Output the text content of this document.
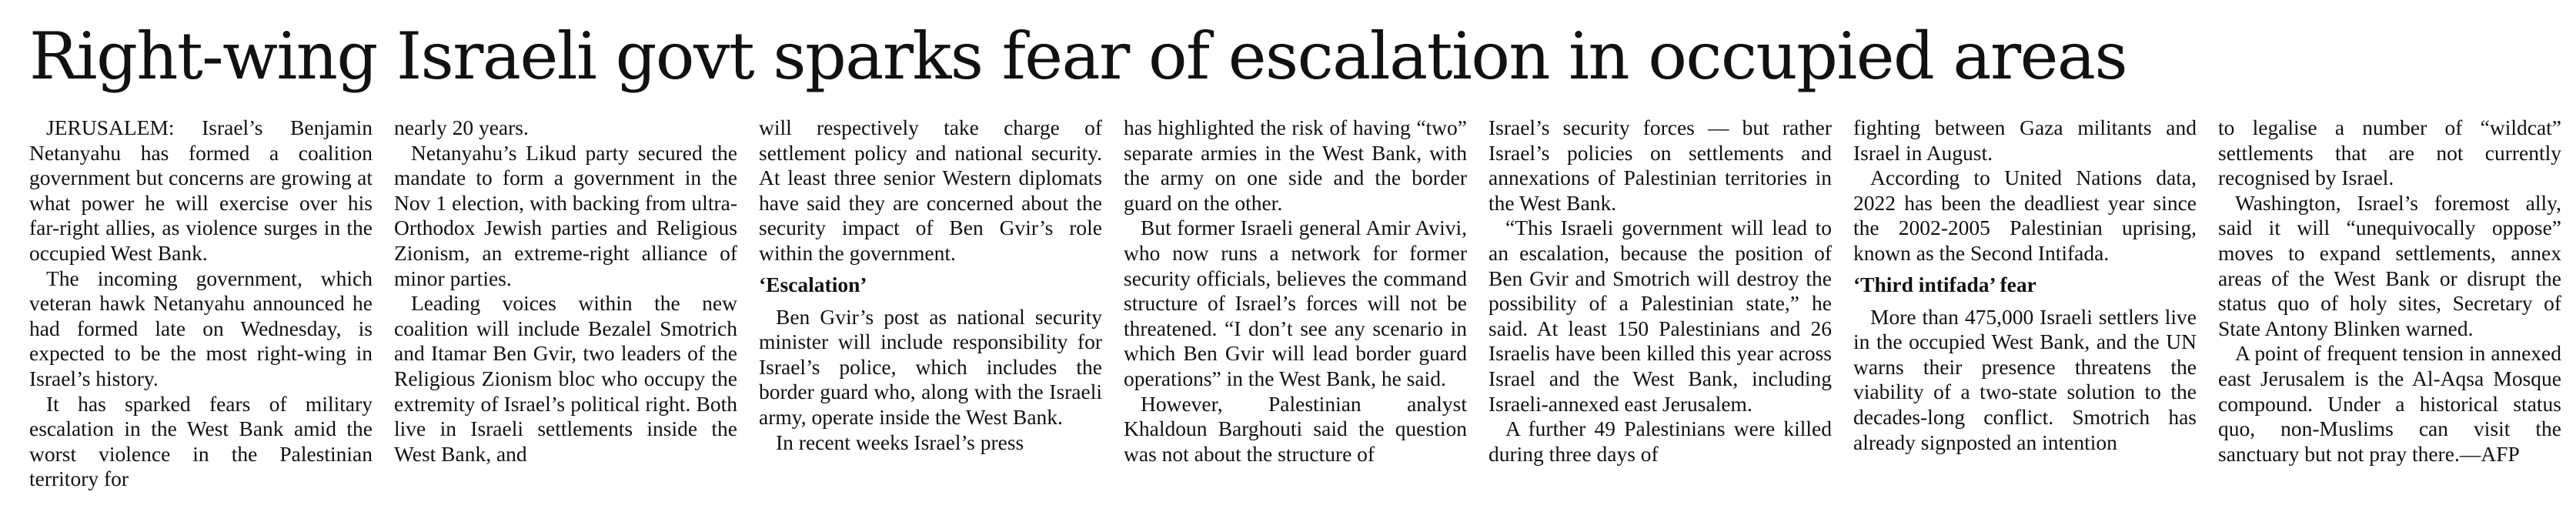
Right-wing Israeli govt sparks fear of escalation in occupied areas

JERUSALEM: Israel’s Benjamin Netanyahu has formed a coalition government but concerns are growing at what power he will exercise over his far-right allies, as violence surges in the occupied West Bank.

The incoming government, which veteran hawk Netanyahu announced he had formed late on Wednesday, is expected to be the most right-wing in Israel’s history.

It has sparked fears of military escalation in the West Bank amid the worst violence in the Palestinian territory for

nearly 20 years.

Netanyahu’s Likud party secured the mandate to form a government in the Nov 1 election, with backing from ultra-Orthodox Jewish parties and Religious Zionism, an extreme-right alliance of minor parties.

Leading voices within the new coalition will include Bezalel Smotrich and Itamar Ben Gvir, two leaders of the Religious Zionism bloc who occupy the extremity of Israel’s political right. Both live in Israeli settlements inside the West Bank, and

will respectively take charge of settlement policy and national security. At least three senior Western diplomats have said they are concerned about the security impact of Ben Gvir’s role within the government.

‘Escalation’

Ben Gvir’s post as national security minister will include responsibility for Israel’s police, which includes the border guard who, along with the Israeli army, operate inside the West Bank.

In recent weeks Israel’s press

has highlighted the risk of having “two” separate armies in the West Bank, with the army on one side and the border guard on the other.

But former Israeli general Amir Avivi, who now runs a network for former security officials, believes the command structure of Israel’s forces will not be threatened. “I don’t see any scenario in which Ben Gvir will lead border guard operations” in the West Bank, he said.

However, Palestinian analyst Khaldoun Barghouti said the question was not about the structure of

Israel’s security forces — but rather Israel’s policies on settlements and annexations of Palestinian territories in the West Bank.

“This Israeli government will lead to an escalation, because the position of Ben Gvir and Smotrich will destroy the possibility of a Palestinian state,” he said. At least 150 Palestinians and 26 Israelis have been killed this year across Israel and the West Bank, including Israeli-annexed east Jerusalem.

A further 49 Palestinians were killed during three days of

fighting between Gaza militants and Israel in August.

According to United Nations data, 2022 has been the deadliest year since the 2002-2005 Palestinian uprising, known as the Second Intifada.

‘Third intifada’ fear

More than 475,000 Israeli settlers live in the occupied West Bank, and the UN warns their presence threatens the viability of a two-state solution to the decades-long conflict. Smotrich has already signposted an intention

to legalise a number of “wildcat” settlements that are not currently recognised by Israel.

Washington, Israel’s foremost ally, said it will “unequivocally oppose” moves to expand settlements, annex areas of the West Bank or disrupt the status quo of holy sites, Secretary of State Antony Blinken warned.

A point of frequent tension in annexed east Jerusalem is the Al-Aqsa Mosque compound. Under a historical status quo, non-Muslims can visit the sanctuary but not pray there.—AFP
